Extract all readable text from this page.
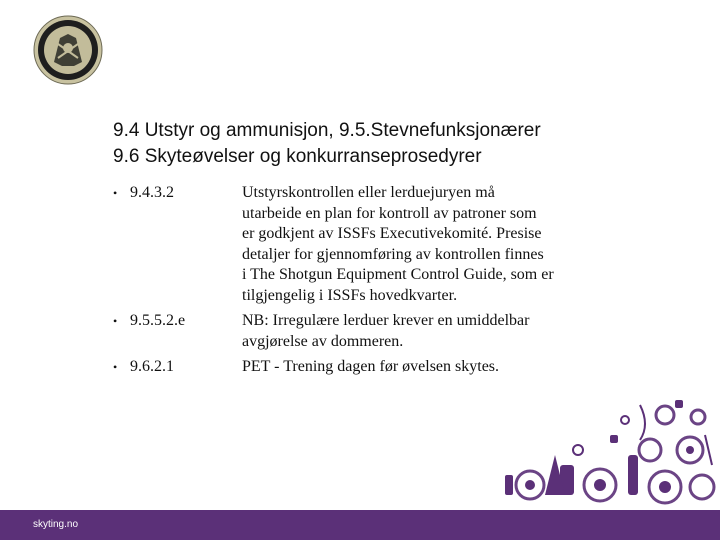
9.4 Utstyr og ammunisjon, 9.5.Stevnefunksjonærer
9.6 Skyteøvelser og konkurranseprosedyrer
• 9.4.3.2	Utstyrskontrollen eller lerduejuryen må
utarbeide en plan for kontroll av patroner som
er godkjent av ISSFs Executivekomité. Presise
detaljer for gjennomføring av kontrollen finnes
i The Shotgun Equipment Control Guide, som er
tilgjengelig i ISSFs hovedkvarter.
• 9.5.5.2.e	NB: Irregulære lerduer krever en umiddelbar
avgjørelse av dommeren.
• 9.6.2.1	PET - Trening dagen før øvelsen skytes.
skyting.no
